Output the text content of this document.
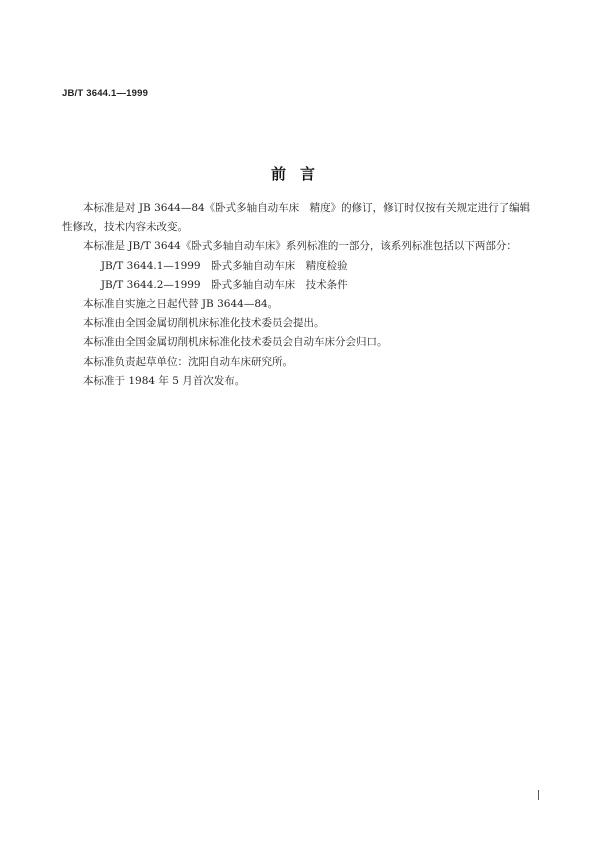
JB/T 3644.1—1999
前言

本标准是对 JB 3644—84《卧式多轴自动车床　精度》的修订，修订时仅按有关规定进行了编辑

性修改，技术内容未改变。

本标准是 JB/T 3644《卧式多轴自动车床》系列标准的一部分，该系列标准包括以下两部分：

JB/T 3644.1—1999　卧式多轴自动车床　精度检验

JB/T 3644.2—1999　卧式多轴自动车床　技术条件

本标准自实施之日起代替 JB 3644—84。

本标准由全国金属切削机床标准化技术委员会提出。

本标准由全国金属切削机床标准化技术委员会自动车床分会归口。

本标准负责起草单位：沈阳自动车床研究所。

本标准于 1984 年 5 月首次发布。
